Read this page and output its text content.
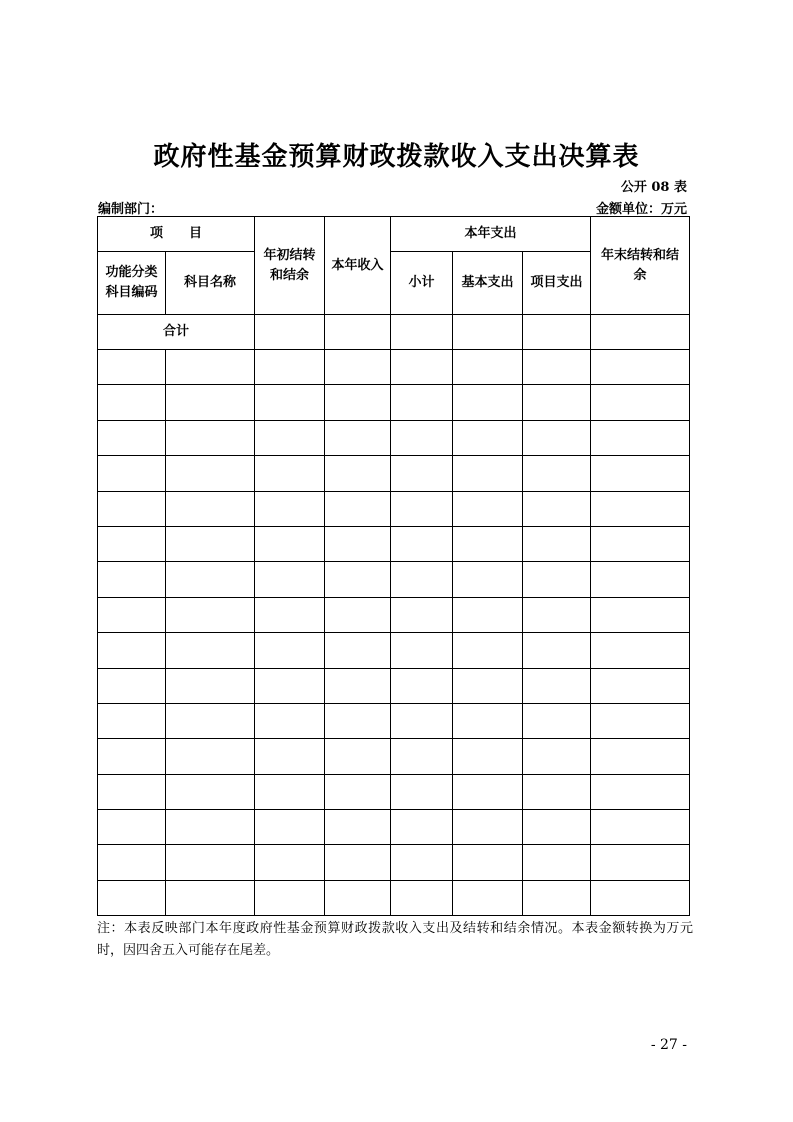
政府性基金预算财政拨款收入支出决算表
公开 08 表
编制部门：	金额单位：万元
项　　目		年初结转和结余	本年收入	本年支出			年末结转和结余

功能分类科目编码	科目名称			小计	基本支出	项目支出	
合计							

注：本表反映部门本年度政府性基金预算财政拨款收入支出及结转和结余情况。本表金额转换为万元时，因四舍五入可能存在尾差。
- 27 -
